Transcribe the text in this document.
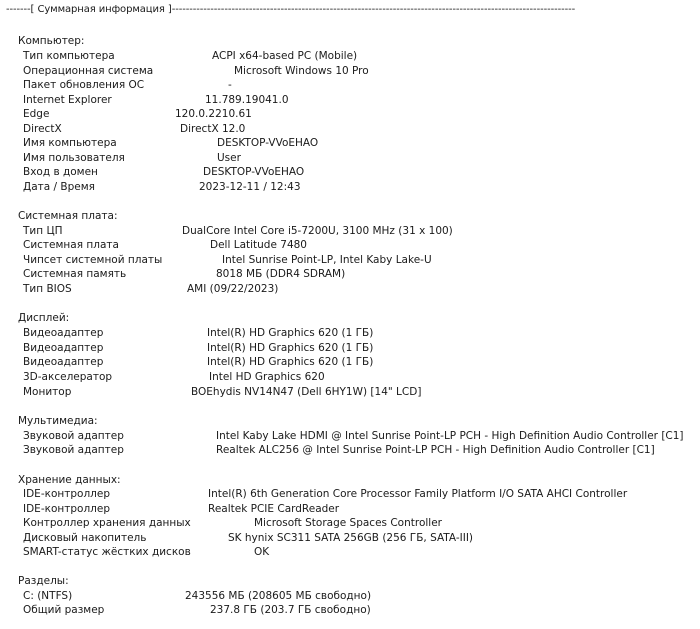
-------[ Суммарная информация ]-------------------------------------------------------------------------------------------------------------------
Компьютер:
Тип компьютера	ACPI x64-based PC (Mobile)
Операционная система	Microsoft Windows 10 Pro
Пакет обновления ОС	-
Internet Explorer	11.789.19041.0
Edge	120.0.2210.61
DirectX	DirectX 12.0
Имя компьютера	DESKTOP-VVoEHAO
Имя пользователя	User
Вход в домен	DESKTOP-VVoEHAO
Дата / Время	2023-12-11 / 12:43
Системная плата:
Тип ЦП	DualCore Intel Core i5-7200U, 3100 MHz (31 x 100)
Системная плата	Dell Latitude 7480
Чипсет системной платы	Intel Sunrise Point-LP, Intel Kaby Lake-U
Системная память	8018 МБ (DDR4 SDRAM)
Тип BIOS	AMI (09/22/2023)
Дисплей:
Видеоадаптер	Intel(R) HD Graphics 620 (1 ГБ)
Видеоадаптер	Intel(R) HD Graphics 620 (1 ГБ)
Видеоадаптер	Intel(R) HD Graphics 620 (1 ГБ)
3D-акселератор	Intel HD Graphics 620
Монитор	BOEhydis NV14N47 (Dell 6HY1W) [14" LCD]
Мультимедиа:
Звуковой адаптер	Intel Kaby Lake HDMI @ Intel Sunrise Point-LP PCH - High Definition Audio Controller [C1]
Звуковой адаптер	Realtek ALC256 @ Intel Sunrise Point-LP PCH - High Definition Audio Controller [C1]
Хранение данных:
IDE-контроллер	Intel(R) 6th Generation Core Processor Family Platform I/O SATA AHCI Controller
IDE-контроллер	Realtek PCIE CardReader
Контроллер хранения данных	Microsoft Storage Spaces Controller
Дисковый накопитель	SK hynix SC311 SATA 256GB (256 ГБ, SATA-III)
SMART-статус жёстких дисков	OK
Разделы:
C: (NTFS)	243556 МБ (208605 МБ свободно)
Общий размер	237.8 ГБ (203.7 ГБ свободно)
